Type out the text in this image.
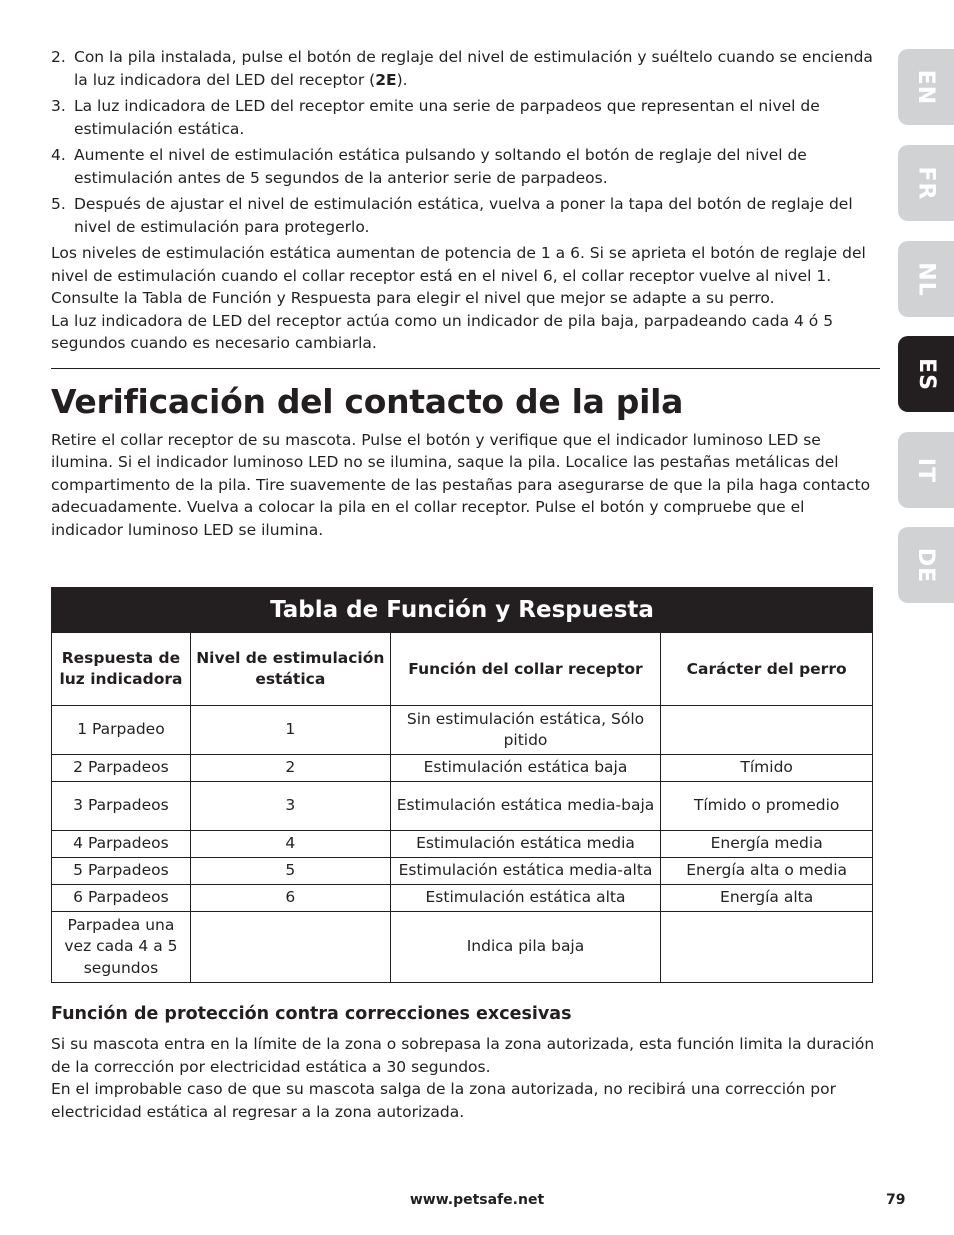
EN
FR
NL
ES
IT
DE
2. Con la pila instalada, pulse el botón de reglaje del nivel de estimulación y suéltelo cuando se encienda la luz indicadora del LED del receptor (2E).
3. La luz indicadora de LED del receptor emite una serie de parpadeos que representan el nivel de estimulación estática.
4. Aumente el nivel de estimulación estática pulsando y soltando el botón de reglaje del nivel de estimulación antes de 5 segundos de la anterior serie de parpadeos.
5. Después de ajustar el nivel de estimulación estática, vuelva a poner la tapa del botón de reglaje del nivel de estimulación para protegerlo.

Los niveles de estimulación estática aumentan de potencia de 1 a 6. Si se aprieta el botón de reglaje del nivel de estimulación cuando el collar receptor está en el nivel 6, el collar receptor vuelve al nivel 1. Consulte la Tabla de Función y Respuesta para elegir el nivel que mejor se adapte a su perro.

La luz indicadora de LED del receptor actúa como un indicador de pila baja, parpadeando cada 4 ó 5 segundos cuando es necesario cambiarla.

Verificación del contacto de la pila

Retire el collar receptor de su mascota. Pulse el botón y verifique que el indicador luminoso LED se ilumina. Si el indicador luminoso LED no se ilumina, saque la pila. Localice las pestañas metálicas del compartimento de la pila. Tire suavemente de las pestañas para asegurarse de que la pila haga contacto adecuadamente. Vuelva a colocar la pila en el collar receptor. Pulse el botón y compruebe que el indicador luminoso LED se ilumina.

Tabla de Función y Respuesta			
Respuesta de luz indicadora	Nivel de estimulación estática	Función del collar receptor	Carácter del perro
1 Parpadeo	1	Sin estimulación estática, Sólo pitido	
2 Parpadeos	2	Estimulación estática baja	Tímido
3 Parpadeos	3	Estimulación estática media-baja	Tímido o promedio
4 Parpadeos	4	Estimulación estática media	Energía media
5 Parpadeos	5	Estimulación estática media-alta	Energía alta o media
6 Parpadeos	6	Estimulación estática alta	Energía alta
Parpadea una vez cada 4 a 5 segundos		Indica pila baja	
Función de protección contra correcciones excesivas

Si su mascota entra en la límite de la zona o sobrepasa la zona autorizada, esta función limita la duración de la corrección por electricidad estática a 30 segundos.

En el improbable caso de que su mascota salga de la zona autorizada, no recibirá una corrección por electricidad estática al regresar a la zona autorizada.

www.petsafe.net	79
